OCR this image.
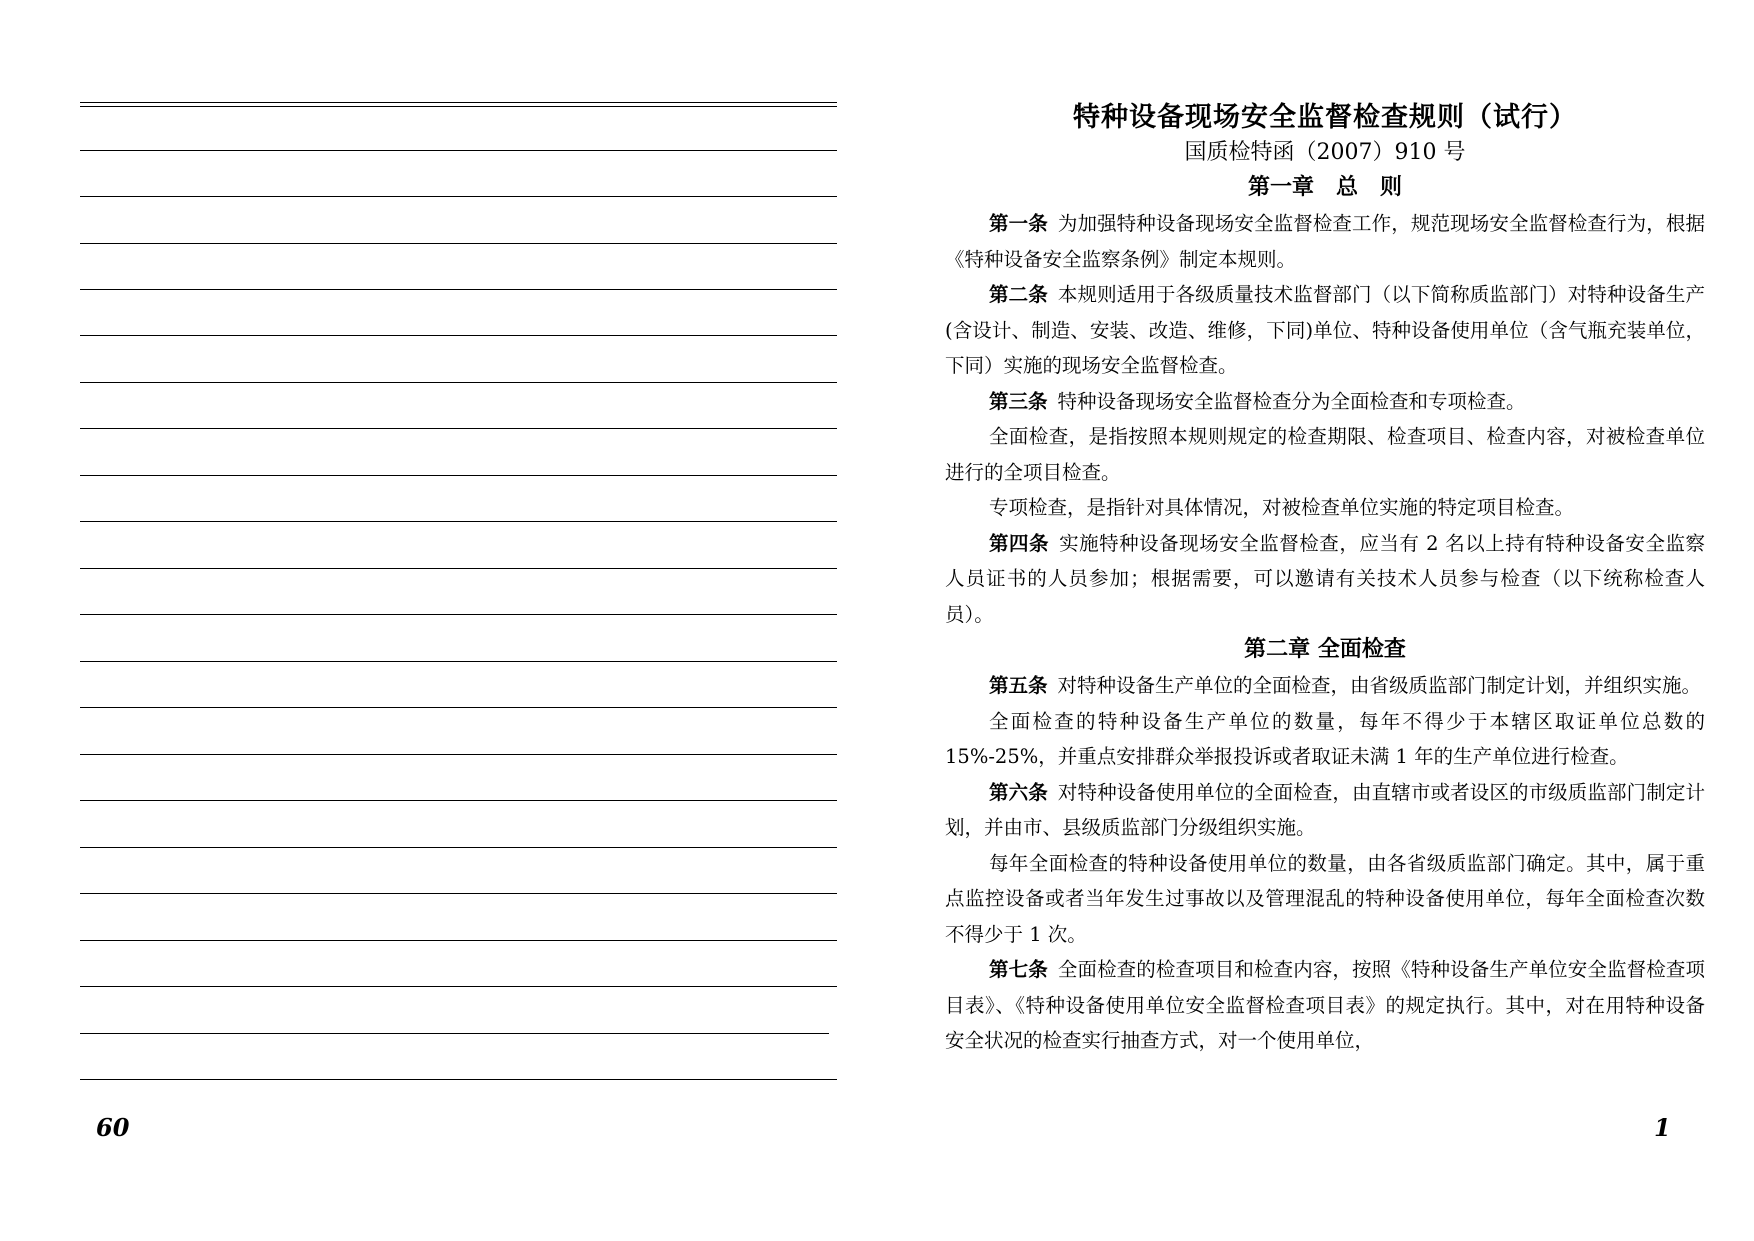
60
特种设备现场安全监督检查规则（试行）

国质检特函（2007）910 号

第一章　总　则

第一条 为加强特种设备现场安全监督检查工作，规范现场安全监督检查行为，根据《特种设备安全监察条例》制定本规则。

第二条 本规则适用于各级质量技术监督部门（以下简称质监部门）对特种设备生产(含设计、制造、安装、改造、维修，下同)单位、特种设备使用单位（含气瓶充装单位，下同）实施的现场安全监督检查。

第三条 特种设备现场安全监督检查分为全面检查和专项检查。

全面检查，是指按照本规则规定的检查期限、检查项目、检查内容，对被检查单位进行的全项目检查。

专项检查，是指针对具体情况，对被检查单位实施的特定项目检查。

第四条 实施特种设备现场安全监督检查，应当有 2 名以上持有特种设备安全监察人员证书的人员参加；根据需要，可以邀请有关技术人员参与检查（以下统称检查人员）。

第二章 全面检查

第五条 对特种设备生产单位的全面检查，由省级质监部门制定计划，并组织实施。

全面检查的特种设备生产单位的数量，每年不得少于本辖区取证单位总数的 15%-25%，并重点安排群众举报投诉或者取证未满 1 年的生产单位进行检查。

第六条 对特种设备使用单位的全面检查，由直辖市或者设区的市级质监部门制定计划，并由市、县级质监部门分级组织实施。

每年全面检查的特种设备使用单位的数量，由各省级质监部门确定。其中，属于重点监控设备或者当年发生过事故以及管理混乱的特种设备使用单位，每年全面检查次数不得少于 1 次。

第七条 全面检查的检查项目和检查内容，按照《特种设备生产单位安全监督检查项目表》、《特种设备使用单位安全监督检查项目表》的规定执行。其中，对在用特种设备安全状况的检查实行抽查方式，对一个使用单位，

1
